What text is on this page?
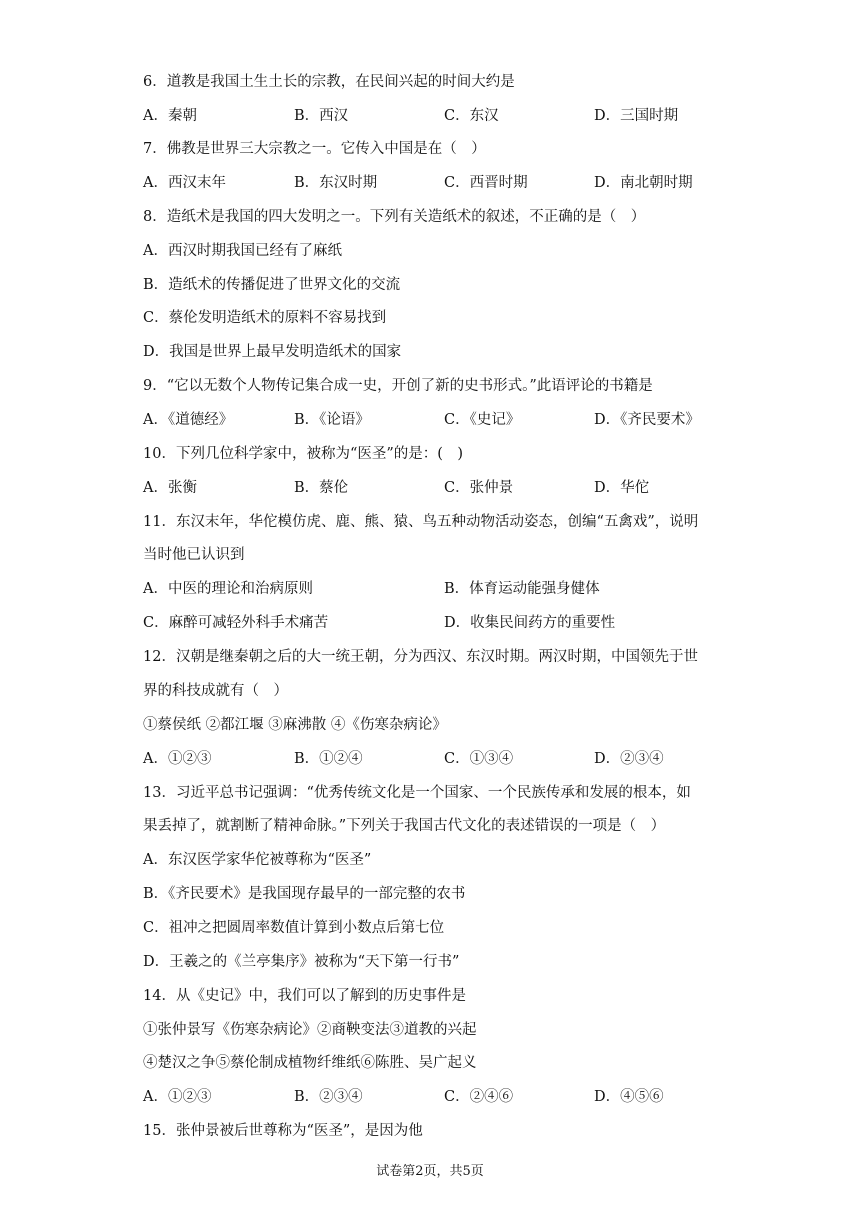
6．道教是我国土生土长的宗教，在民间兴起的时间大约是
A．秦朝	B．西汉	C．东汉	D．三国时期
7．佛教是世界三大宗教之一。它传入中国是在（　）
A．西汉末年	B．东汉时期	C．西晋时期	D．南北朝时期
8．造纸术是我国的四大发明之一。下列有关造纸术的叙述，不正确的是（　）
A．西汉时期我国已经有了麻纸
B．造纸术的传播促进了世界文化的交流
C．蔡伦发明造纸术的原料不容易找到
D．我国是世界上最早发明造纸术的国家
9．“它以无数个人物传记集合成一史，开创了新的史书形式。”此语评论的书籍是
A．《道德经》	B．《论语》	C．《史记》	D．《齐民要术》
10．下列几位科学家中，被称为“医圣”的是：(　)
A．张衡	B．蔡伦	C．张仲景	D．华佗
11．东汉末年，华佗模仿虎、鹿、熊、猿、鸟五种动物活动姿态，创编“五禽戏”，说明
当时他已认识到
A．中医的理论和治病原则	B．体育运动能强身健体
C．麻醉可减轻外科手术痛苦	D．收集民间药方的重要性
12．汉朝是继秦朝之后的大一统王朝，分为西汉、东汉时期。两汉时期，中国领先于世
界的科技成就有（　）
①蔡侯纸 ②都江堰 ③麻沸散 ④《伤寒杂病论》
A．①②③	B．①②④	C．①③④	D．②③④
13．习近平总书记强调：“优秀传统文化是一个国家、一个民族传承和发展的根本，如
果丢掉了，就割断了精神命脉。”下列关于我国古代文化的表述错误的一项是（　）
A．东汉医学家华佗被尊称为“医圣”
B．《齐民要术》是我国现存最早的一部完整的农书
C．祖冲之把圆周率数值计算到小数点后第七位
D．王羲之的《兰亭集序》被称为“天下第一行书”
14．从《史记》中，我们可以了解到的历史事件是
①张仲景写《伤寒杂病论》②商鞅变法③道教的兴起
④楚汉之争⑤蔡伦制成植物纤维纸⑥陈胜、吴广起义
A．①②③	B．②③④	C．②④⑥	D．④⑤⑥
15．张仲景被后世尊称为“医圣”，是因为他
试卷第2页，共5页
